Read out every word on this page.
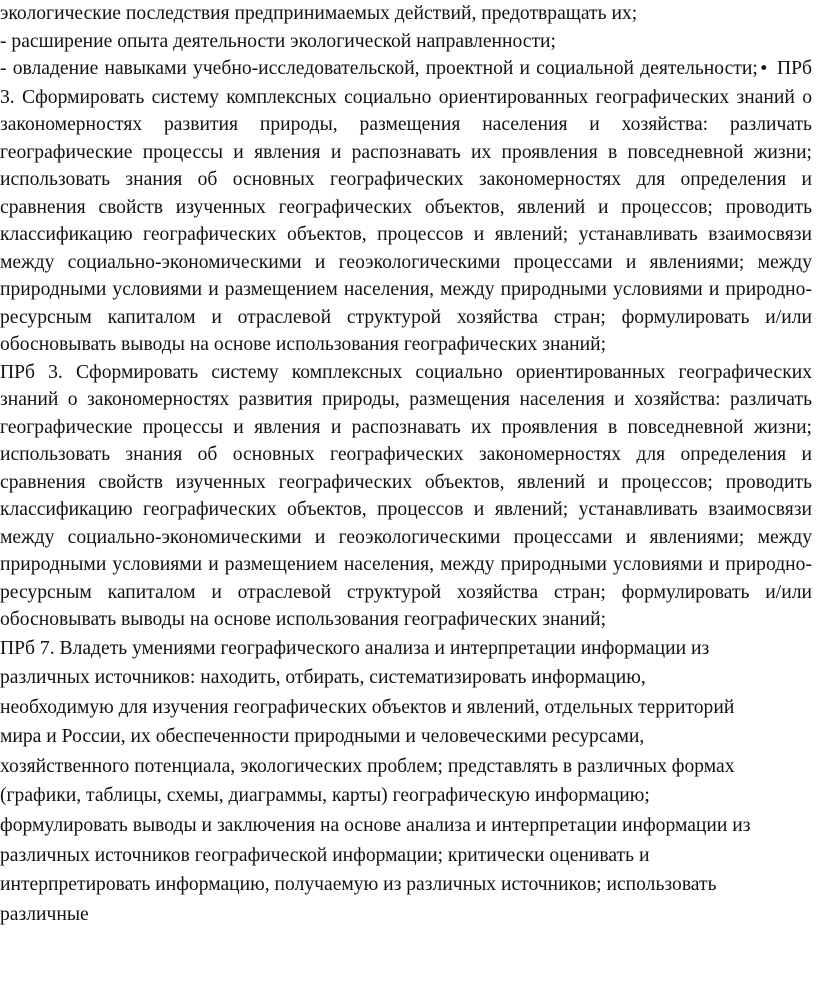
экологические последствия предпринимаемых действий, предотвращать их;
- расширение опыта деятельности экологической направленности;

- овладение навыками учебно-исследовательской, проектной и социальной деятельности;• ПРб 3. Сформировать систему комплексных социально ориентированных географических знаний о закономерностях развития природы, размещения населения и хозяйства: различать географические процессы и явления и распознавать их проявления в повседневной жизни; использовать знания об основных географических закономерностях для определения и сравнения свойств изученных географических объектов, явлений и процессов; проводить классификацию географических объектов, процессов и явлений; устанавливать взаимосвязи между социально-экономическими и геоэкологическими процессами и явлениями; между природными условиями и размещением населения, между природными условиями и природно-ресурсным капиталом и отраслевой структурой хозяйства стран; формулировать и/или обосновывать выводы на основе использования географических знаний;

ПРб 3. Сформировать систему комплексных социально ориентированных географических знаний о закономерностях развития природы, размещения населения и хозяйства: различать географические процессы и явления и распознавать их проявления в повседневной жизни; использовать знания об основных географических закономерностях для определения и сравнения свойств изученных географических объектов, явлений и процессов; проводить классификацию географических объектов, процессов и явлений; устанавливать взаимосвязи между социально-экономическими и геоэкологическими процессами и явлениями; между природными условиями и размещением населения, между природными условиями и природно-ресурсным капиталом и отраслевой структурой хозяйства стран; формулировать и/или обосновывать выводы на основе использования географических знаний;

ПРб 7. Владеть умениями географического анализа и интерпретации информации из
различных источников: находить, отбирать, систематизировать информацию,
необходимую для изучения географических объектов и явлений, отдельных территорий
мира и России, их обеспеченности природными и человеческими ресурсами,
хозяйственного потенциала, экологических проблем; представлять в различных формах
(графики, таблицы, схемы, диаграммы, карты) географическую информацию;
формулировать выводы и заключения на основе анализа и интерпретации информации из
различных источников географической информации; критически оценивать и
интерпретировать информацию, получаемую из различных источников; использовать
различные
